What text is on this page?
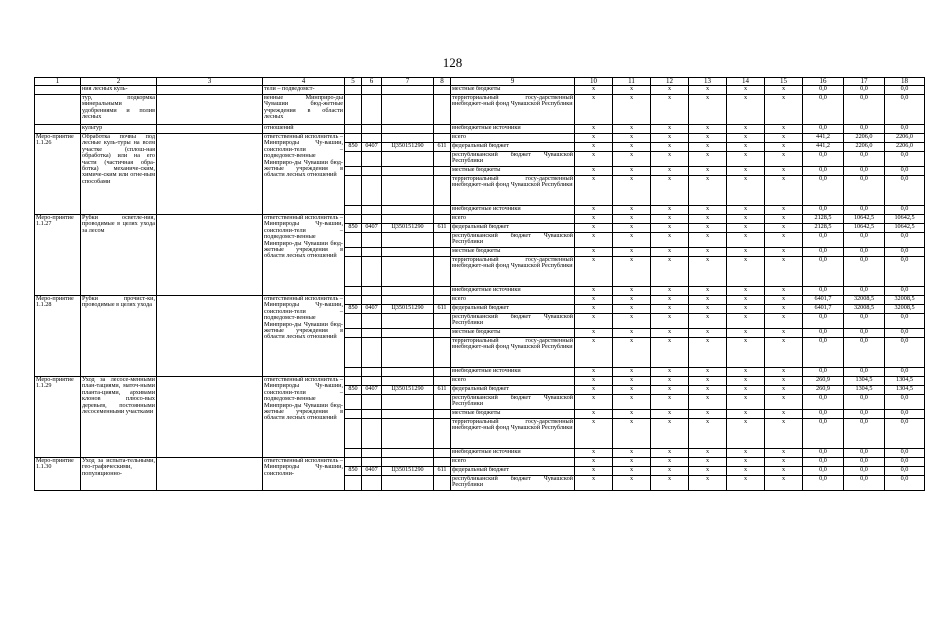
128
1	2	3	4	5	6	7	8	9	10	11	12	13	14	15	16	17	18
	ния лесных куль-		тели – подведомст-					местные бюджеты	х	х	х	х	х	х	0,0	0,0	0,0
	тур, подкормка минеральными удобрениями и полив лесных		венные Минприро-ды Чувашии бюд-жетные учреждения в области лесных					территориальный госу-дарственный внебюджет-ный фонд Чувашской Республики	х	х	х	х	х	х	0,0	0,0	0,0
	культур		отношений					внебюджетные источники	х	х	х	х	х	х	0,0	0,0	0,0
Меро-приятие 1.1.26	Обработка почвы под лесные куль-туры на всем участке (сплош-ная обработка) или на его части (частичная обра-ботка) механиче-ским, химиче-ским или огне-вым способами		ответственный исполнитель – Минприроды Чу-вашии, соисполни-тели – подведомст-венные Минприро-ды Чувашии бюд-жетные учреждения в области лесных отношений					всего	х	х	х	х	х	х	441,2	2206,0	2206,0
				850	0407	Ц350151290	611	федеральный бюджет	х	х	х	х	х	х	441,2	2206,0	2206,0
								республиканский бюджет Чувашской Республики	х	х	х	х	х	х	0,0	0,0	0,0
								местные бюджеты	х	х	х	х	х	х	0,0	0,0	0,0
								территориальный госу-дарственный внебюджет-ный фонд Чувашской Республики	х	х	х	х	х	х	0,0	0,0	0,0
								внебюджетные источники	х	х	х	х	х	х	0,0	0,0	0,0
Меро-приятие 1.1.27	Рубки осветле-ния, проводимые в целях ухода за лесом		ответственный исполнитель – Минприроды Чу-вашии, соисполни-тели – подведомст-венные Минприро-ды Чувашии бюд-жетные учреждения в области лесных отношений					всего	х	х	х	х	х	х	2128,5	10642,5	10642,5
				850	0407	Ц350151290	611	федеральный бюджет	х	х	х	х	х	х	2128,5	10642,5	10642,5
								республиканский бюджет Чувашской Республики	х	х	х	х	х	х	0,0	0,0	0,0
								местные бюджеты	х	х	х	х	х	х	0,0	0,0	0,0
								территориальный госу-дарственный внебюджет-ный фонд Чувашской Республики	х	х	х	х	х	х	0,0	0,0	0,0
								внебюджетные источники	х	х	х	х	х	х	0,0	0,0	0,0
Меро-приятие 1.1.28	Рубки прочист-ки, проводимые в целях ухода		ответственный исполнитель – Минприроды Чу-вашии, соисполни-тели – подведомст-венные Минприро-ды Чувашии бюд-жетные учреждения в области лесных отношений					всего	х	х	х	х	х	х	6401,7	32008,5	32008,5
				850	0407	Ц350151290	611	федеральный бюджет	х	х	х	х	х	х	6401,7	32008,5	32008,5
								республиканский бюджет Чувашской Республики	х	х	х	х	х	х	0,0	0,0	0,0
								местные бюджеты	х	х	х	х	х	х	0,0	0,0	0,0
								территориальный госу-дарственный внебюджет-ный фонд Чувашской Республики	х	х	х	х	х	х	0,0	0,0	0,0
								внебюджетные источники	х	х	х	х	х	х	0,0	0,0	0,0
Меро-приятие 1.1.29	Уход за лесосе-менными план-тациями, маточ-ными планта-циями, архивами клонов плюсо-вых деревьев, постоянными лесосеменными участками		ответственный исполнитель – Минприроды Чу-вашии, соисполни-тели – подведомст-венные Минприро-ды Чувашии бюд-жетные учреждения в области лесных отношений					всего	х	х	х	х	х	х	260,9	1304,5	1304,5
				850	0407	Ц350151290	611	федеральный бюджет	х	х	х	х	х	х	260,9	1304,5	1304,5
								республиканский бюджет Чувашской Республики	х	х	х	х	х	х	0,0	0,0	0,0
								местные бюджеты	х	х	х	х	х	х	0,0	0,0	0,0
								территориальный госу-дарственный внебюджет-ный фонд Чувашской Республики	х	х	х	х	х	х	0,0	0,0	0,0
								внебюджетные источники	х	х	х	х	х	х	0,0	0,0	0,0
Меро-приятие 1.1.30	Уход за испыта-тельными, гео-графическими, популяционно-		ответственный исполнитель – Минприроды Чу-вашии, соисполни-					всего	х	х	х	х	х	х	0,0	0,0	0,0
				850	0407	Ц350151290	611	федеральный бюджет	х	х	х	х	х	х	0,0	0,0	0,0
								республиканский бюджет Чувашской Республики	х	х	х	х	х	х	0,0	0,0	0,0
